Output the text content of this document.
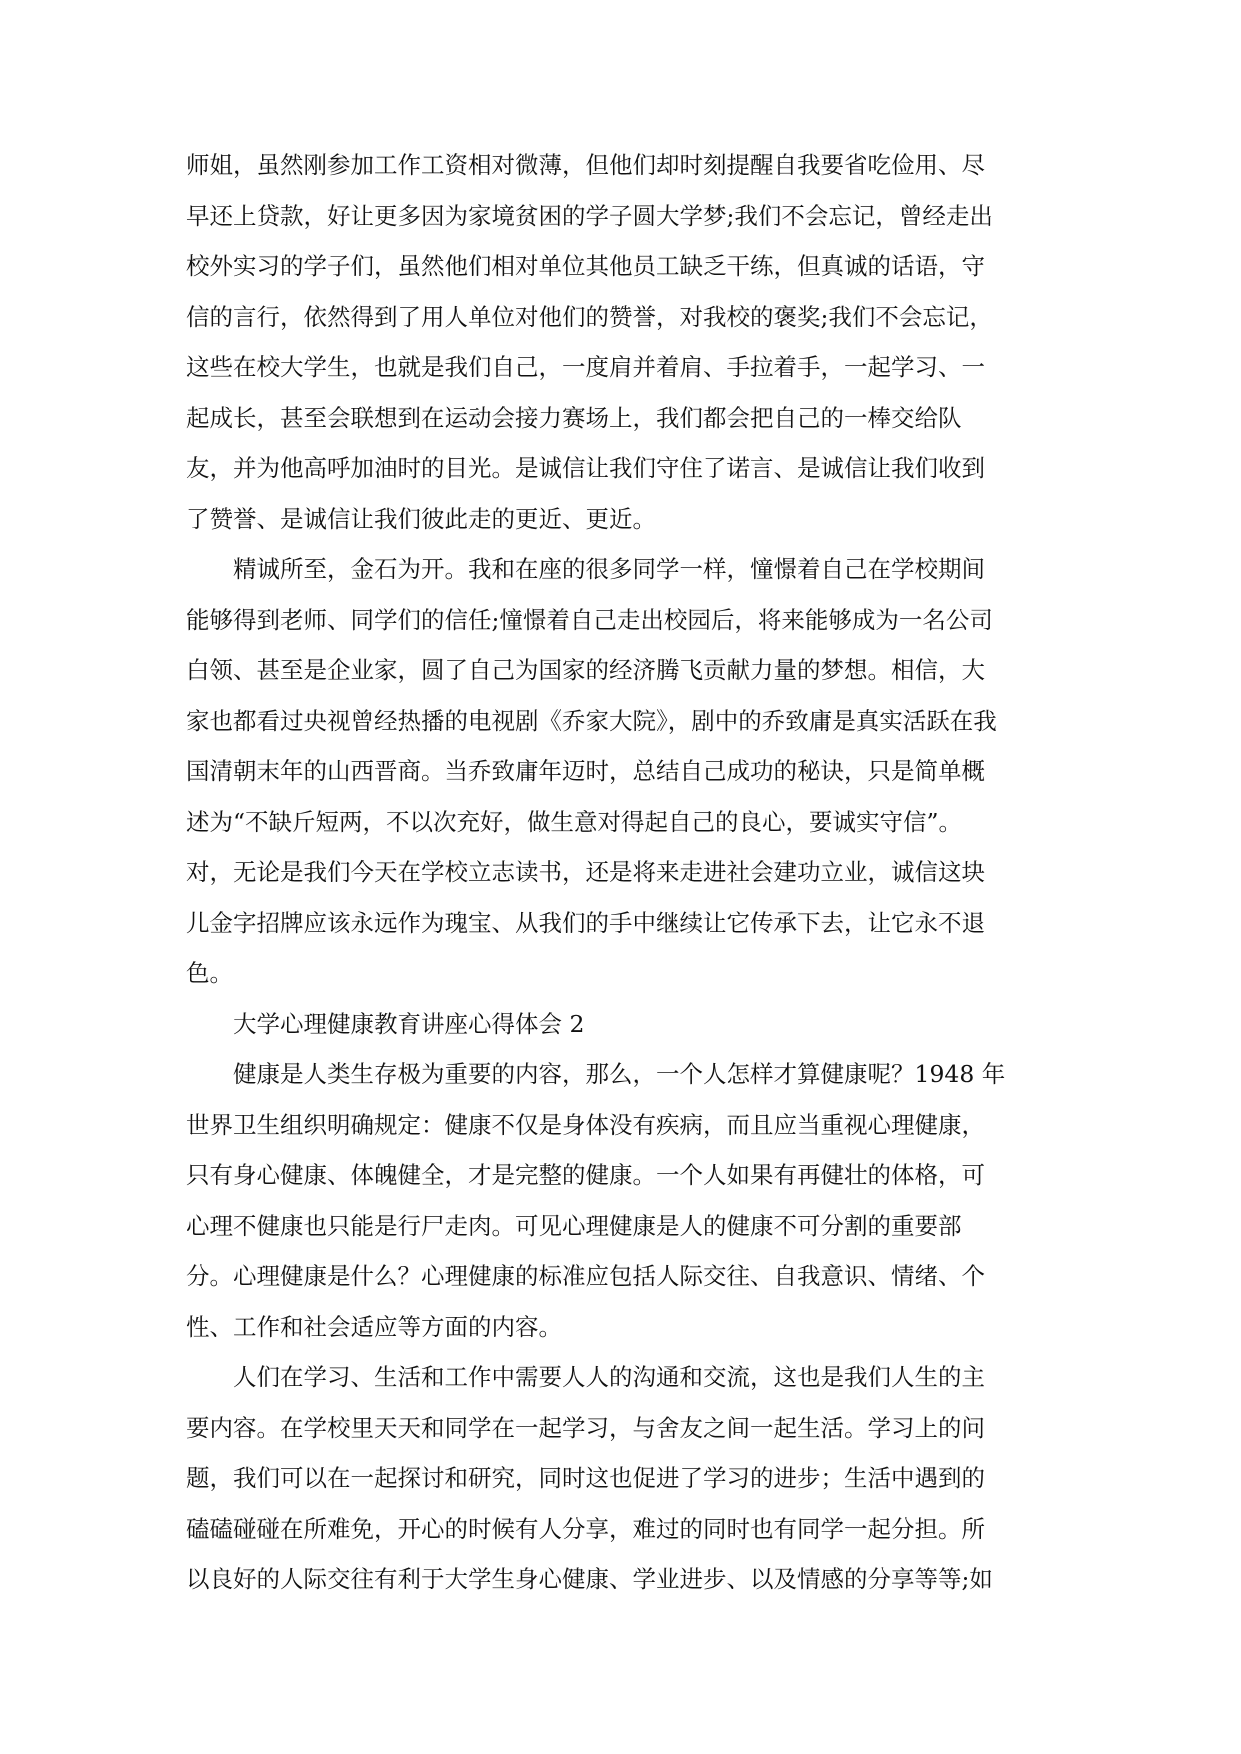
师姐，虽然刚参加工作工资相对微薄，但他们却时刻提醒自我要省吃俭用、尽
早还上贷款，好让更多因为家境贫困的学子圆大学梦;我们不会忘记，曾经走出
校外实习的学子们，虽然他们相对单位其他员工缺乏干练，但真诚的话语，守
信的言行，依然得到了用人单位对他们的赞誉，对我校的褒奖;我们不会忘记，
这些在校大学生，也就是我们自己，一度肩并着肩、手拉着手，一起学习、一
起成长，甚至会联想到在运动会接力赛场上，我们都会把自己的一棒交给队
友，并为他高呼加油时的目光。是诚信让我们守住了诺言、是诚信让我们收到
了赞誉、是诚信让我们彼此走的更近、更近。
精诚所至，金石为开。我和在座的很多同学一样，憧憬着自己在学校期间
能够得到老师、同学们的信任;憧憬着自己走出校园后，将来能够成为一名公司
白领、甚至是企业家，圆了自己为国家的经济腾飞贡献力量的梦想。相信，大
家也都看过央视曾经热播的电视剧《乔家大院》，剧中的乔致庸是真实活跃在我
国清朝末年的山西晋商。当乔致庸年迈时，总结自己成功的秘诀，只是简单概
述为“不缺斤短两，不以次充好，做生意对得起自己的良心，要诚实守信”。
对，无论是我们今天在学校立志读书，还是将来走进社会建功立业，诚信这块
儿金字招牌应该永远作为瑰宝、从我们的手中继续让它传承下去，让它永不退
色。
大学心理健康教育讲座心得体会 2
健康是人类生存极为重要的内容，那么，一个人怎样才算健康呢？1948 年
世界卫生组织明确规定：健康不仅是身体没有疾病，而且应当重视心理健康，
只有身心健康、体魄健全，才是完整的健康。一个人如果有再健壮的体格，可
心理不健康也只能是行尸走肉。可见心理健康是人的健康不可分割的重要部
分。心理健康是什么？心理健康的标准应包括人际交往、自我意识、情绪、个
性、工作和社会适应等方面的内容。
人们在学习、生活和工作中需要人人的沟通和交流，这也是我们人生的主
要内容。在学校里天天和同学在一起学习，与舍友之间一起生活。学习上的问
题，我们可以在一起探讨和研究，同时这也促进了学习的进步；生活中遇到的
磕磕碰碰在所难免，开心的时候有人分享，难过的同时也有同学一起分担。所
以良好的人际交往有利于大学生身心健康、学业进步、以及情感的分享等等;如
